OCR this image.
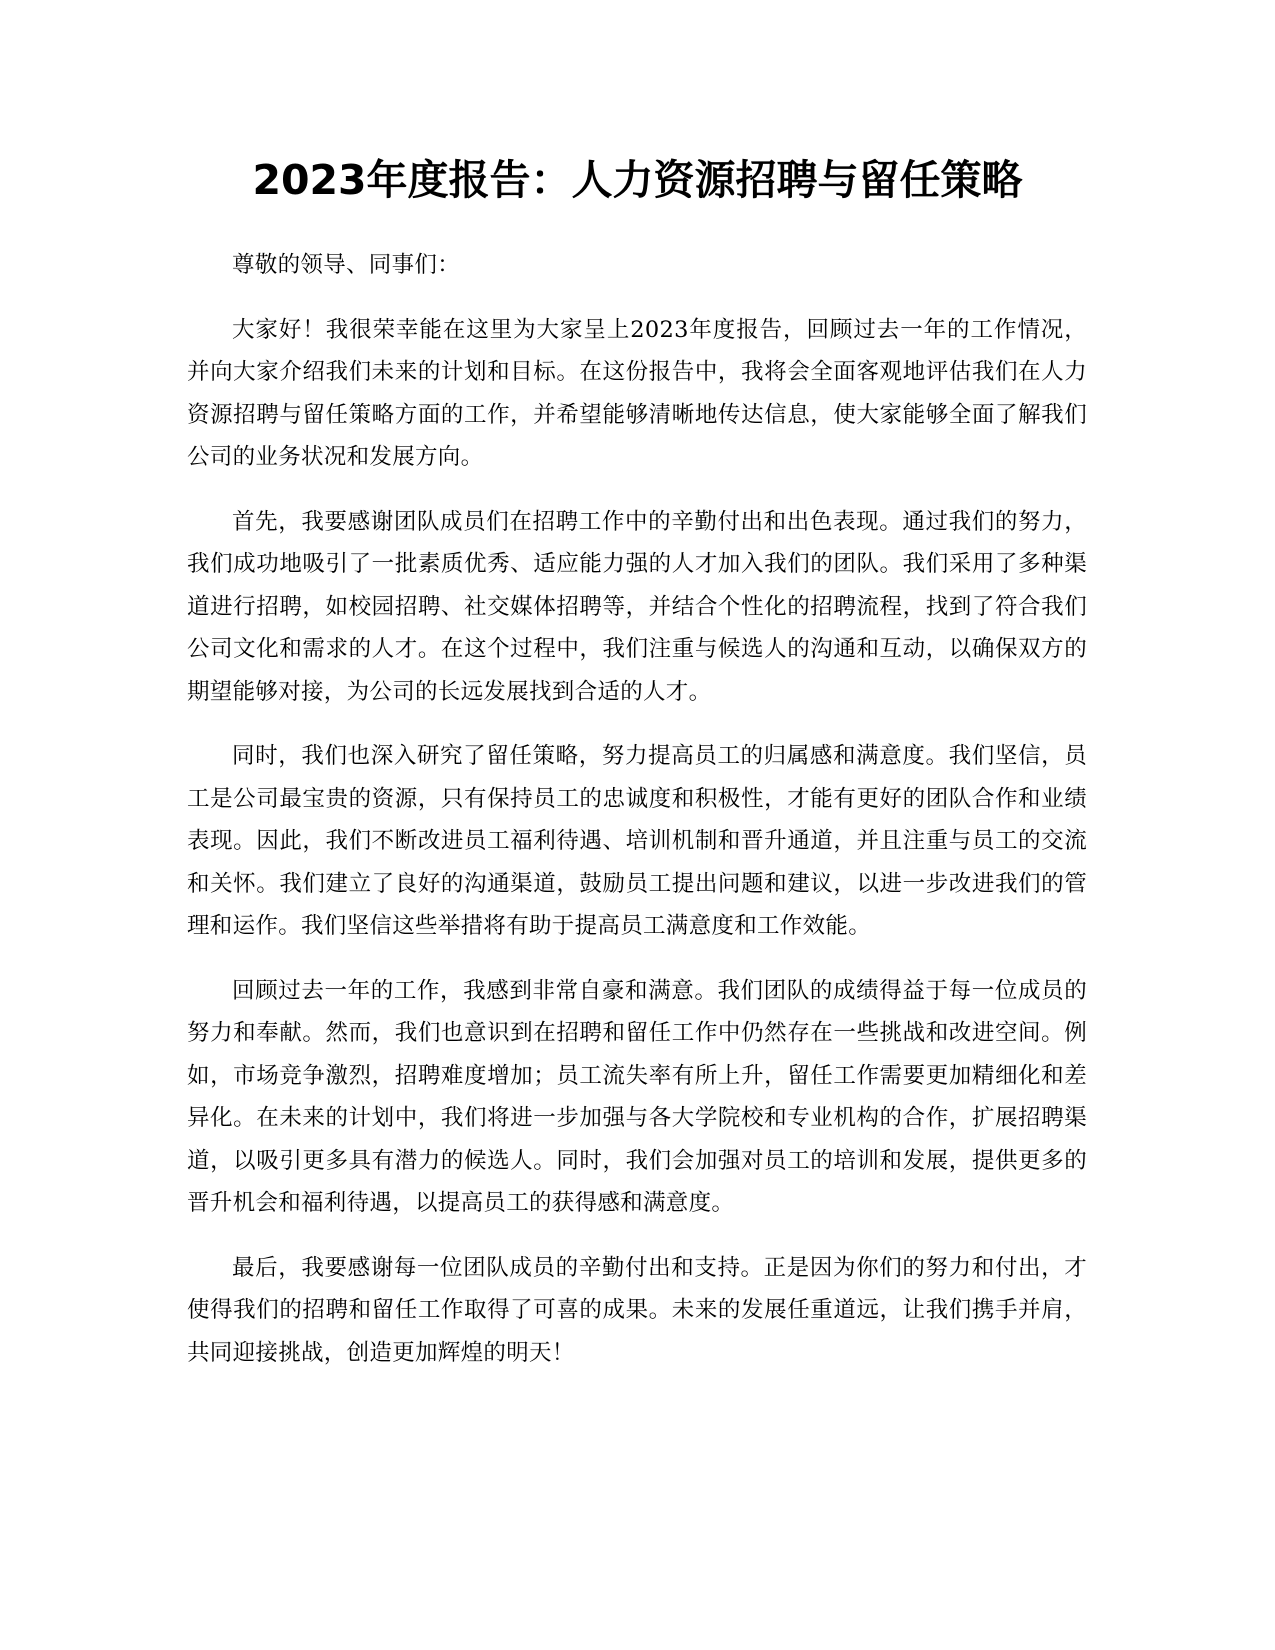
2023年度报告：人力资源招聘与留任策略

尊敬的领导、同事们：

大家好！我很荣幸能在这里为大家呈上2023年度报告，回顾过去一年的工作情况，并向大家介绍我们未来的计划和目标。在这份报告中，我将会全面客观地评估我们在人力资源招聘与留任策略方面的工作，并希望能够清晰地传达信息，使大家能够全面了解我们公司的业务状况和发展方向。

首先，我要感谢团队成员们在招聘工作中的辛勤付出和出色表现。通过我们的努力，我们成功地吸引了一批素质优秀、适应能力强的人才加入我们的团队。我们采用了多种渠道进行招聘，如校园招聘、社交媒体招聘等，并结合个性化的招聘流程，找到了符合我们公司文化和需求的人才。在这个过程中，我们注重与候选人的沟通和互动，以确保双方的期望能够对接，为公司的长远发展找到合适的人才。

同时，我们也深入研究了留任策略，努力提高员工的归属感和满意度。我们坚信，员工是公司最宝贵的资源，只有保持员工的忠诚度和积极性，才能有更好的团队合作和业绩表现。因此，我们不断改进员工福利待遇、培训机制和晋升通道，并且注重与员工的交流和关怀。我们建立了良好的沟通渠道，鼓励员工提出问题和建议，以进一步改进我们的管理和运作。我们坚信这些举措将有助于提高员工满意度和工作效能。

回顾过去一年的工作，我感到非常自豪和满意。我们团队的成绩得益于每一位成员的努力和奉献。然而，我们也意识到在招聘和留任工作中仍然存在一些挑战和改进空间。例如，市场竞争激烈，招聘难度增加；员工流失率有所上升，留任工作需要更加精细化和差异化。在未来的计划中，我们将进一步加强与各大学院校和专业机构的合作，扩展招聘渠道，以吸引更多具有潜力的候选人。同时，我们会加强对员工的培训和发展，提供更多的晋升机会和福利待遇，以提高员工的获得感和满意度。

最后，我要感谢每一位团队成员的辛勤付出和支持。正是因为你们的努力和付出，才使得我们的招聘和留任工作取得了可喜的成果。未来的发展任重道远，让我们携手并肩，共同迎接挑战，创造更加辉煌的明天！
